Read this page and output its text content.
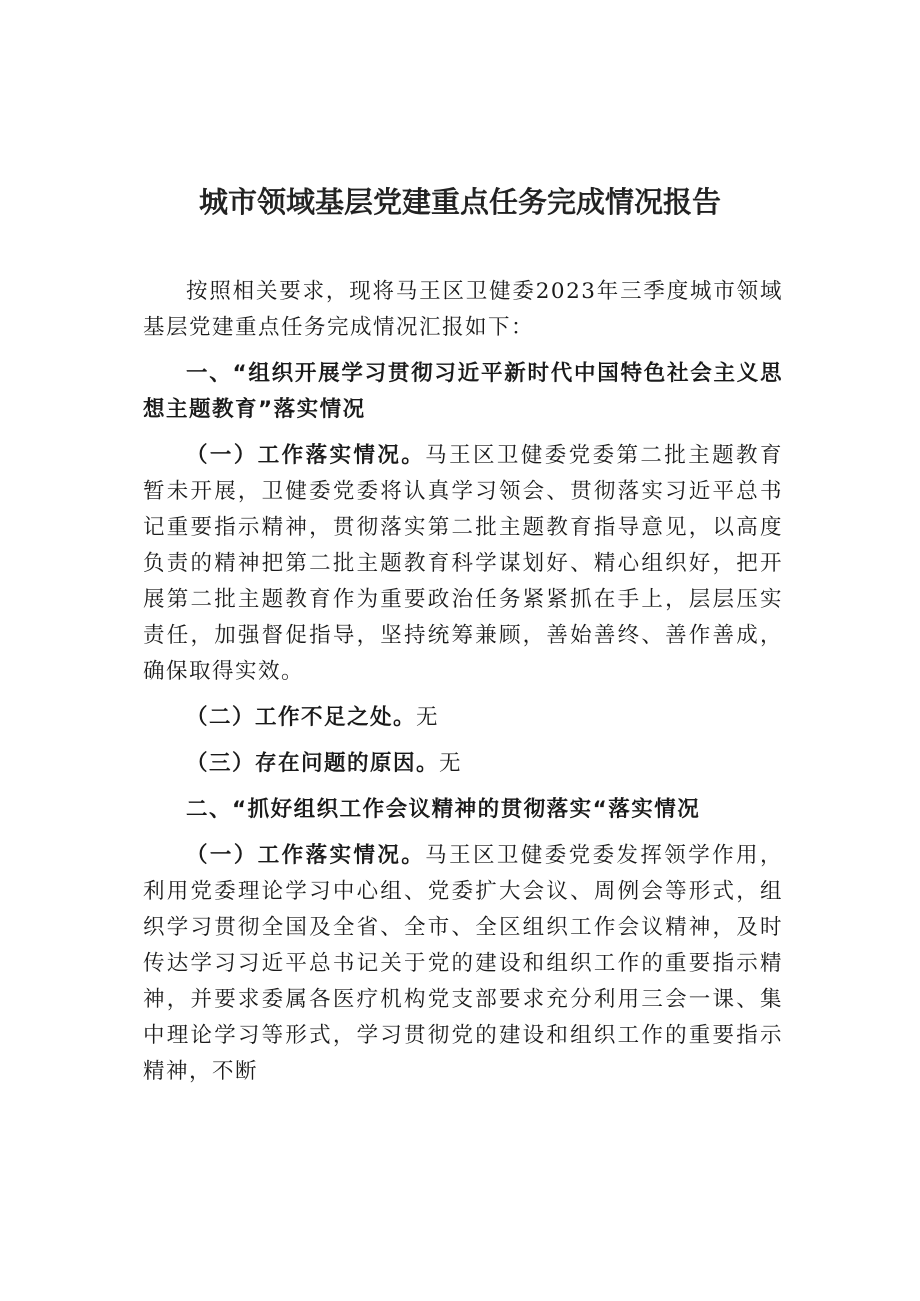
城市领域基层党建重点任务完成情况报告

按照相关要求，现将马王区卫健委2023年三季度城市领域基层党建重点任务完成情况汇报如下：

一、“组织开展学习贯彻习近平新时代中国特色社会主义思想主题教育”落实情况

（一）工作落实情况。马王区卫健委党委第二批主题教育暂未开展，卫健委党委将认真学习领会、贯彻落实习近平总书记重要指示精神，贯彻落实第二批主题教育指导意见，以高度负责的精神把第二批主题教育科学谋划好、精心组织好，把开展第二批主题教育作为重要政治任务紧紧抓在手上，层层压实责任，加强督促指导，坚持统筹兼顾，善始善终、善作善成，确保取得实效。

（二）工作不足之处。无

（三）存在问题的原因。无

二、“抓好组织工作会议精神的贯彻落实“落实情况

（一）工作落实情况。马王区卫健委党委发挥领学作用，利用党委理论学习中心组、党委扩大会议、周例会等形式，组织学习贯彻全国及全省、全市、全区组织工作会议精神，及时传达学习习近平总书记关于党的建设和组织工作的重要指示精神，并要求委属各医疗机构党支部要求充分利用三会一课、集中理论学习等形式，学习贯彻党的建设和组织工作的重要指示精神，不断
